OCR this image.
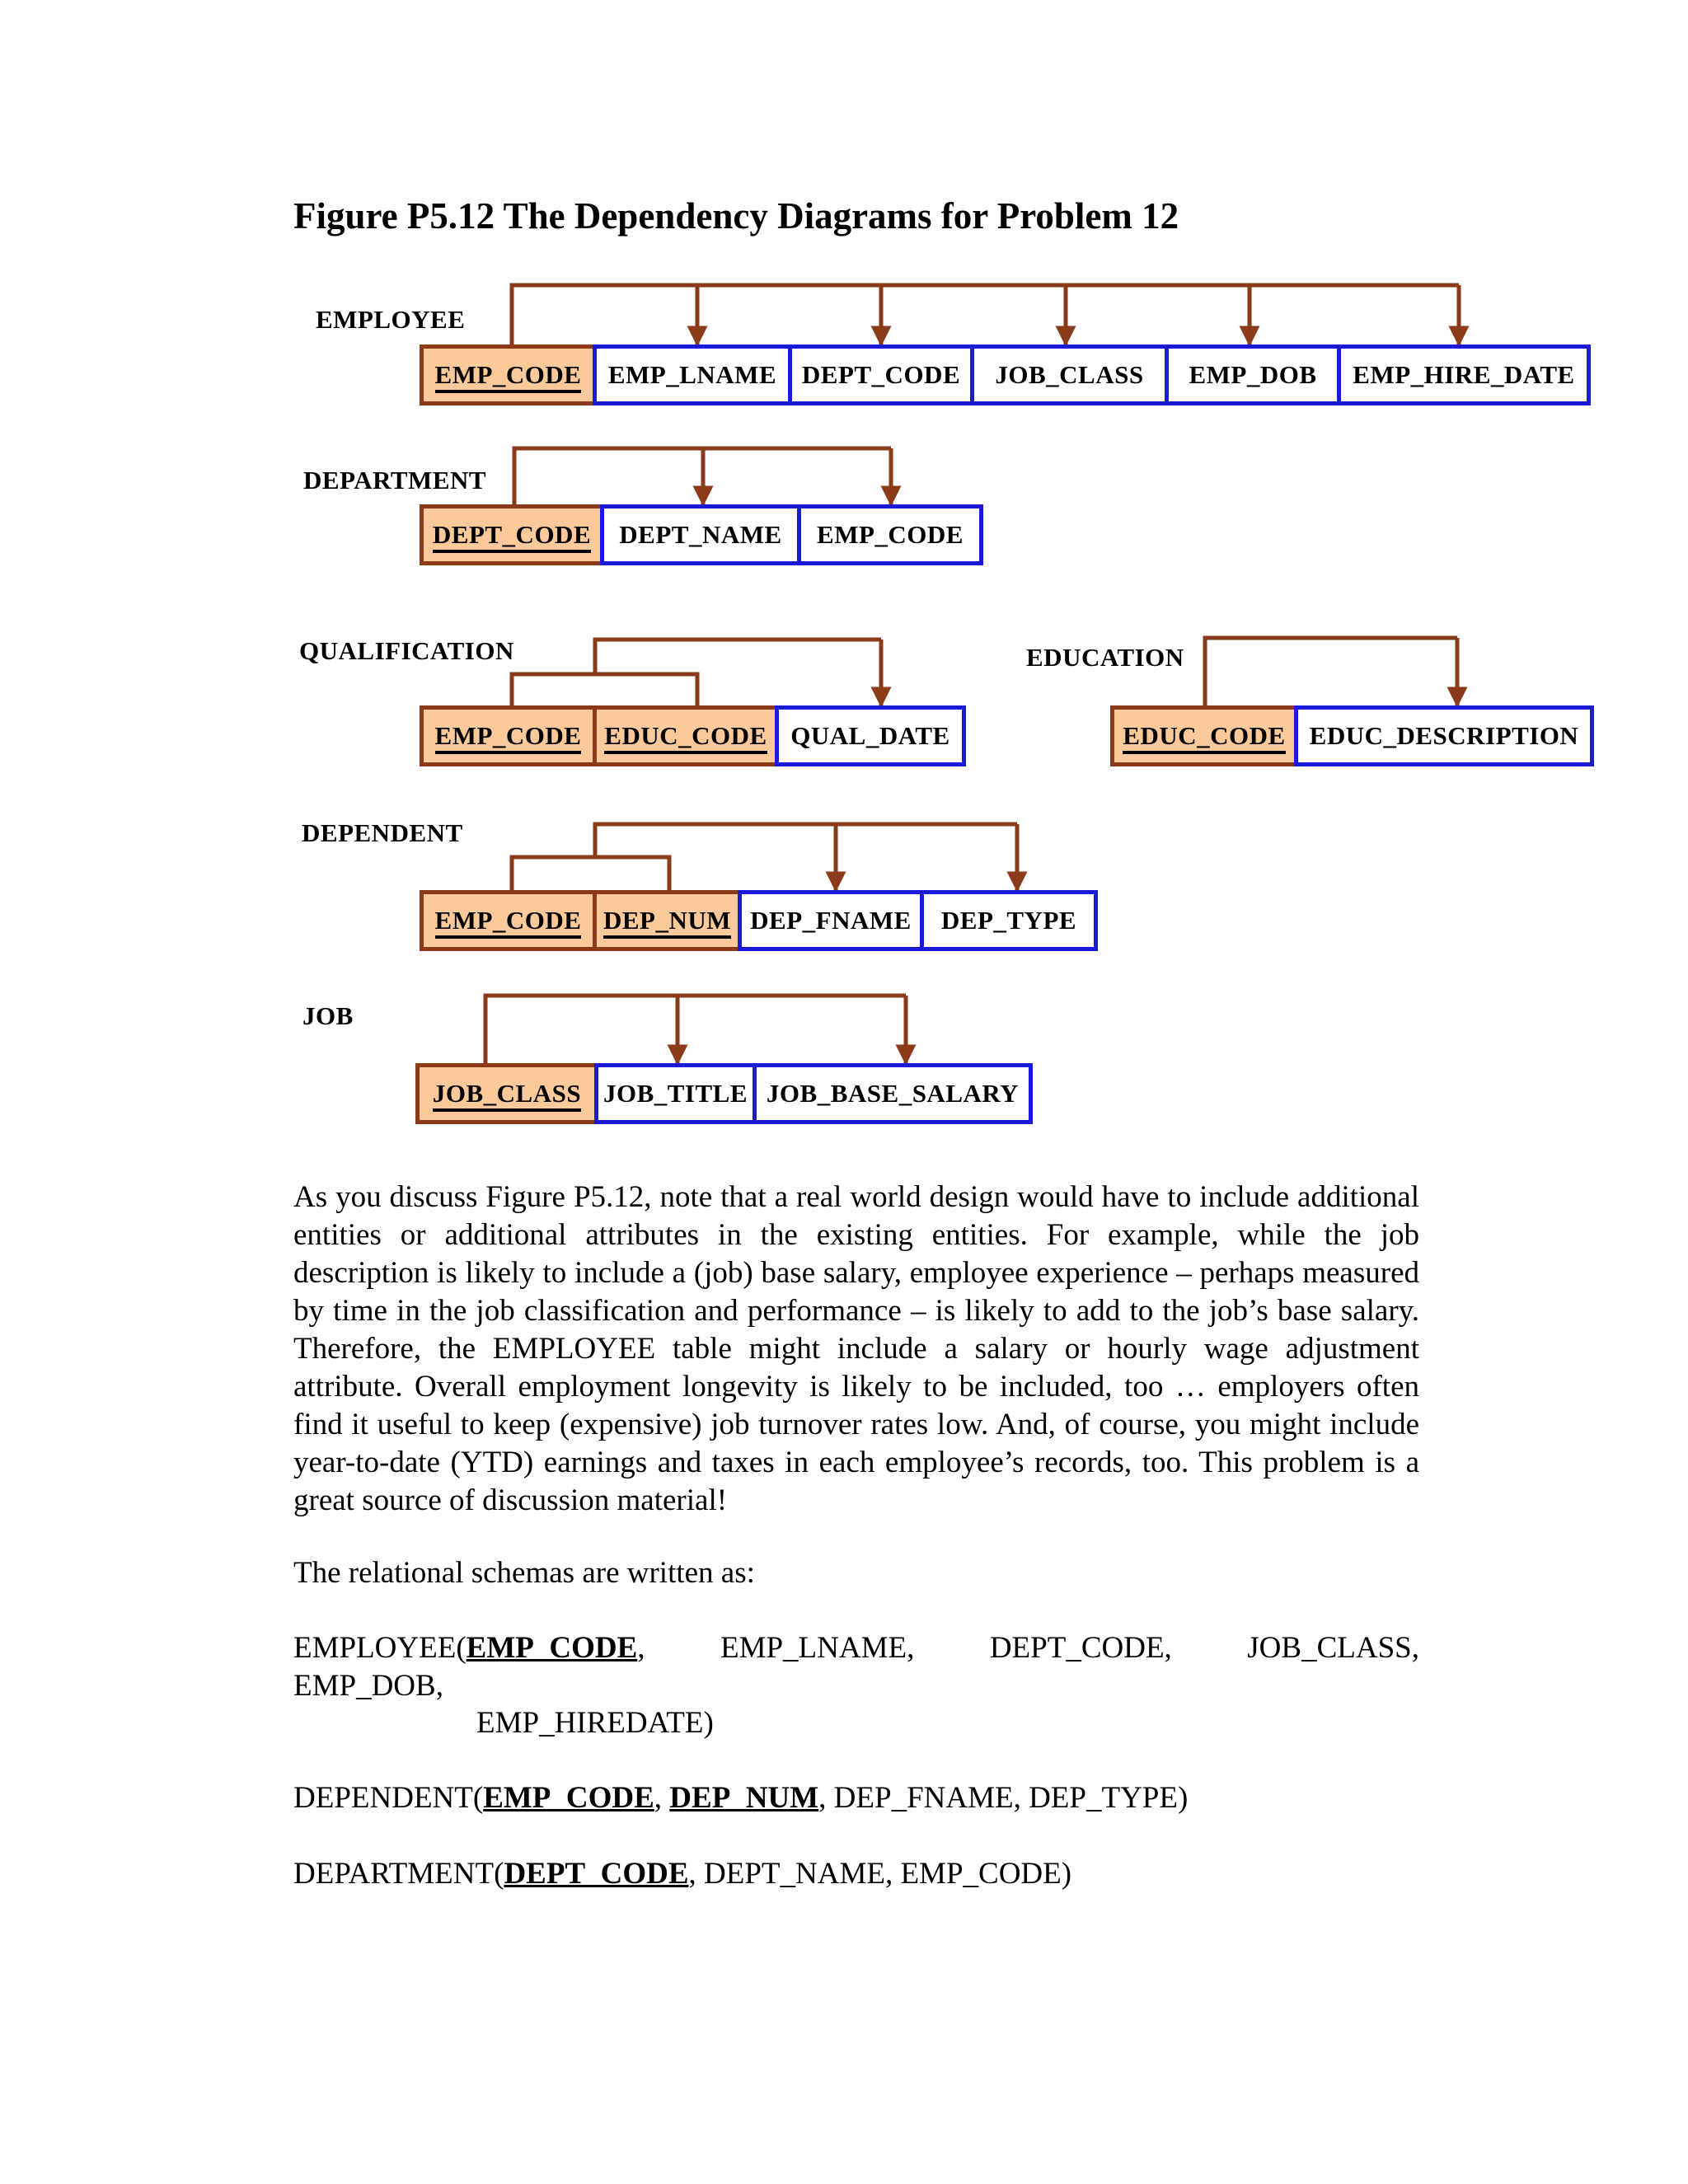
Figure P5.12 The Dependency Diagrams for Problem 12
EMPLOYEE
EMP_CODE	EMP_LNAME DEPT_CODE	JOB_CLASS	EMP_DOB	EMP_HIRE_DATE
DEPARTMENT
DEPT_CODE	DEPT_NAME	EMP_CODE
QUALIFICATION
EMP_CODE EDUC_CODE QUAL_DATE
EDUCATION
EDUC_CODE EDUC_DESCRIPTION
DEPENDENT
EMP_CODE DEP_NUM DEP_FNAME	DEP_TYPE
JOB
JOB_CLASS JOB_TITLE JOB_BASE_SALARY

As you discuss Figure P5.12, note that a real world design would have to include additional entities or additional attributes in the existing entities. For example, while the job description is likely to include a (job) base salary, employee experience – perhaps measured by time in the job classification and performance – is likely to add to the job’s base salary. Therefore, the EMPLOYEE table might include a salary or hourly wage adjustment attribute. Overall employment longevity is likely to be included, too … employers often find it useful to keep (expensive) job turnover rates low. And, of course, you might include year-to-date (YTD) earnings and taxes in each employee’s records, too. This problem is a great source of discussion material!

The relational schemas are written as:
EMPLOYEE(EMP_CODE, EMP_LNAME, DEPT_CODE, JOB_CLASS,
EMP_DOB,
EMP_HIREDATE)
DEPENDENT(EMP_CODE, DEP_NUM, DEP_FNAME, DEP_TYPE)
DEPARTMENT(DEPT_CODE, DEPT_NAME, EMP_CODE)
